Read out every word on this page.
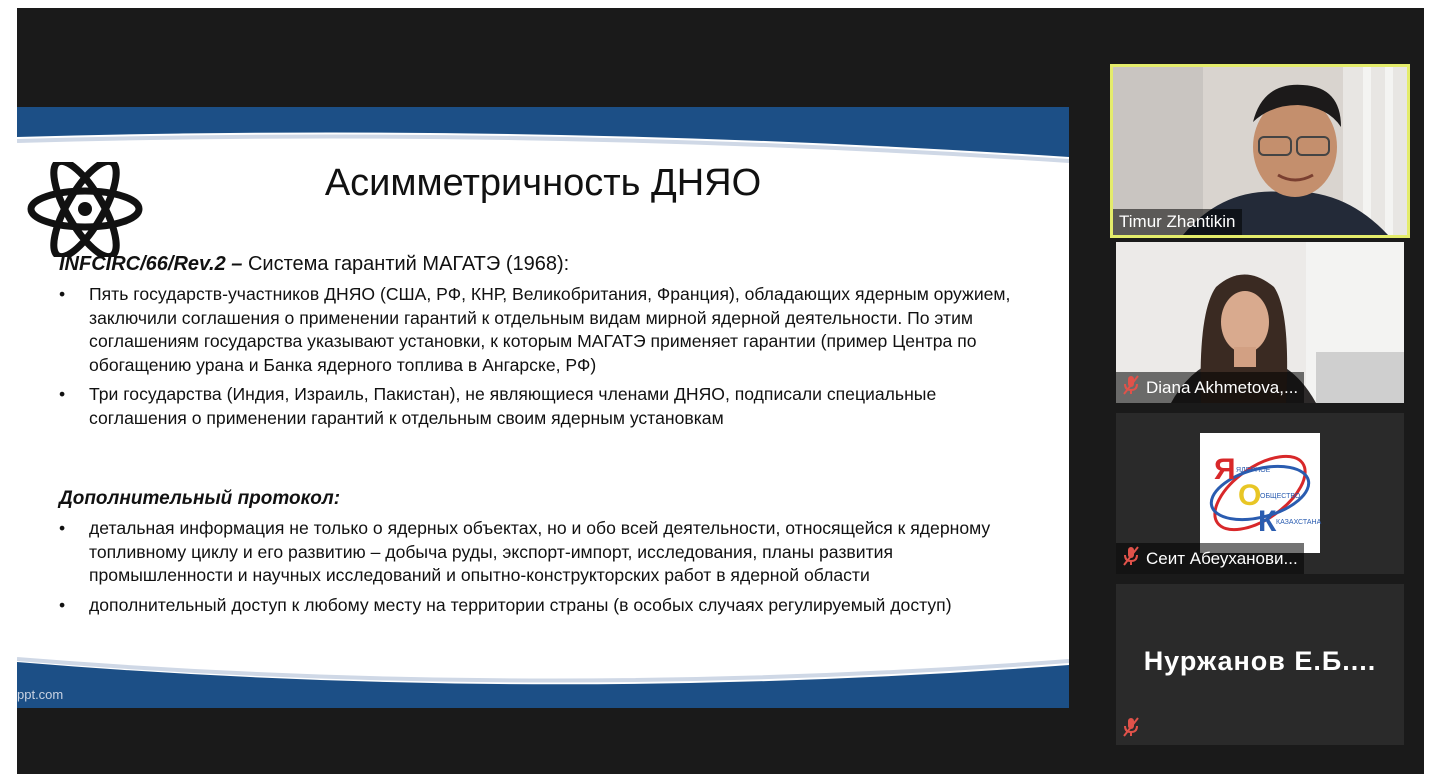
Асимметричность ДНЯО
INFCIRC/66/Rev.2 – Система гарантий МАГАТЭ (1968):
• Пять государств-участников ДНЯО (США, РФ, КНР, Великобритания, Франция), обладающих ядерным оружием, заключили соглашения о применении гарантий к отдельным видам мирной ядерной деятельности. По этим соглашениям государства указывают установки, к которым МАГАТЭ применяет гарантии (пример Центра по обогащению урана и Банка ядерного топлива в Ангарске, РФ)
• Три государства (Индия, Израиль, Пакистан), не являющиеся членами ДНЯО, подписали специальные соглашения о применении гарантий к отдельным своим ядерным установкам
Дополнительный протокол:
• детальная информация не только о ядерных объектах, но и обо всей деятельности, относящейся к ядерному топливному циклу и его развитию – добыча руды, экспорт-импорт, исследования, планы развития промышленности и научных исследований и опытно-конструкторских работ в ядерной области
• дополнительный доступ к любому месту на территории страны (в особых случаях регулируемый доступ)
ppt.com
Timur Zhantikin
Diana Akhmetova,...
Я
О
К
ЯДЕРНОЕ
ОБЩЕСТВО
КАЗАХСТАНА
Сеит Абеуханови...
Нуржанов Е.Б....
